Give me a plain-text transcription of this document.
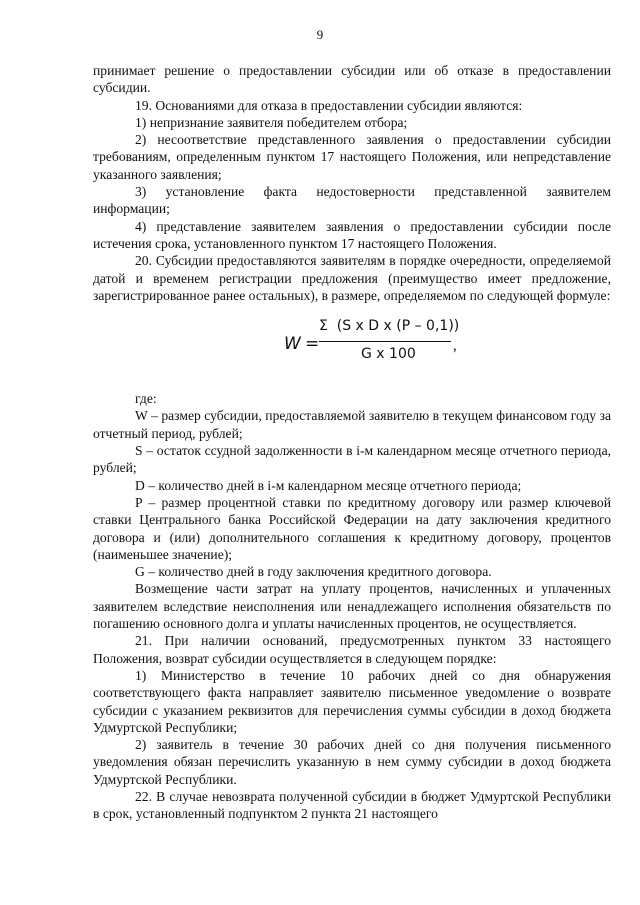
9

принимает решение о предоставлении субсидии или об отказе в предоставлении субсидии.

19. Основаниями для отказа в предоставлении субсидии являются:

1) непризнание заявителя победителем отбора;

2) несоответствие представленного заявления о предоставлении субсидии требованиям, определенным пунктом 17 настоящего Положения, или непредставление указанного заявления;

3) установление факта недостоверности представленной заявителем информации;

4) представление заявителем заявления о предоставлении субсидии после истечения срока, установленного пунктом 17 настоящего Положения.

20. Субсидии предоставляются заявителям в порядке очередности, определяемой датой и временем регистрации предложения (преимущество имеет предложение, зарегистрированное ранее остальных), в размере, определяемом по следующей формуле:

W =
Σ  (S x D x (P – 0,1))
G x 100 ,

где:

W – размер субсидии, предоставляемой заявителю в текущем финансовом году за отчетный период, рублей;

S – остаток ссудной задолженности в i-м календарном месяце отчетного периода, рублей;

D – количество дней в i-м календарном месяце отчетного периода;

P – размер процентной ставки по кредитному договору или размер ключевой ставки Центрального банка Российской Федерации на дату заключения кредитного договора и (или) дополнительного соглашения к кредитному договору, процентов (наименьшее значение);

G – количество дней в году заключения кредитного договора.

Возмещение части затрат на уплату процентов, начисленных и уплаченных заявителем вследствие неисполнения или ненадлежащего исполнения обязательств по погашению основного долга и уплаты начисленных процентов, не осуществляется.

21. При наличии оснований, предусмотренных пунктом 33 настоящего Положения, возврат субсидии осуществляется в следующем порядке:

1) Министерство в течение 10 рабочих дней со дня обнаружения соответствующего факта направляет заявителю письменное уведомление о возврате субсидии с указанием реквизитов для перечисления суммы субсидии в доход бюджета Удмуртской Республики;

2) заявитель в течение 30 рабочих дней со дня получения письменного уведомления обязан перечислить указанную в нем сумму субсидии в доход бюджета Удмуртской Республики.

22. В случае невозврата полученной субсидии в бюджет Удмуртской Республики в срок, установленный подпунктом 2 пункта 21 настоящего
